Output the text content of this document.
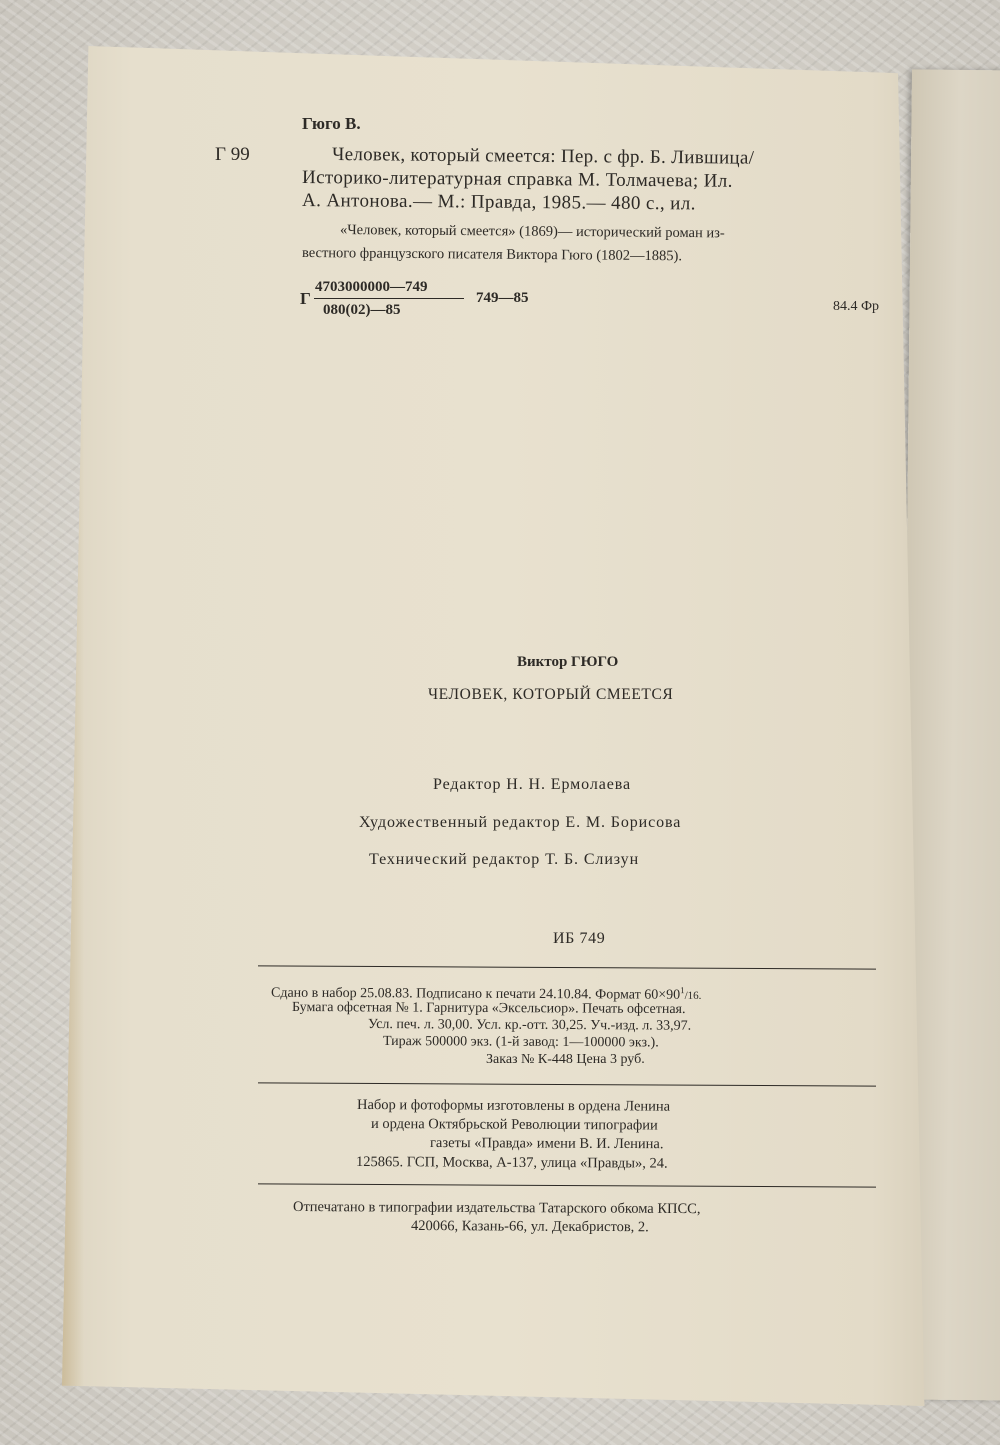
Гюго В.
Г 99	Человек, который смеется: Пер. с фр. Б. Лившица/
Историко-литературная справка М. Толмачева; Ил.
А. Антонова.— М.: Правда, 1985.— 480 с., ил.
«Человек, который смеется» (1869)— исторический роман из-
вестного французского писателя Виктора Гюго (1802—1885).
Г
4703000000—749
080(02)—85
749—85
84.4 Фр
Виктор ГЮГО
ЧЕЛОВЕК, КОТОРЫЙ СМЕЕТСЯ
Редактор Н. Н. Ермолаева
Художественный редактор Е. М. Борисова
Технический редактор Т. Б. Слизун
ИБ 749
Сдано в набор 25.08.83. Подписано к печати 24.10.84. Формат $60\times 90^1/16$.
Бумага офсетная № 1. Гарнитура «Эксельсиор». Печать офсетная.
Усл. печ. л. 30,00. Усл. кр.-отт. 30,25. Уч.-изд. л. 33,97.
Тираж 500000 экз. (1-й завод: 1—100000 экз.).
Заказ № К-448 Цена 3 руб.
Набор и фотоформы изготовлены в ордена Ленина
и ордена Октябрьской Революции типографии
газеты «Правда» имени В. И. Ленина.
125865. ГСП, Москва, А-137, улица «Правды», 24.
Отпечатано в типографии издательства Татарского обкома КПСС,
420066, Казань-66, ул. Декабристов, 2.
